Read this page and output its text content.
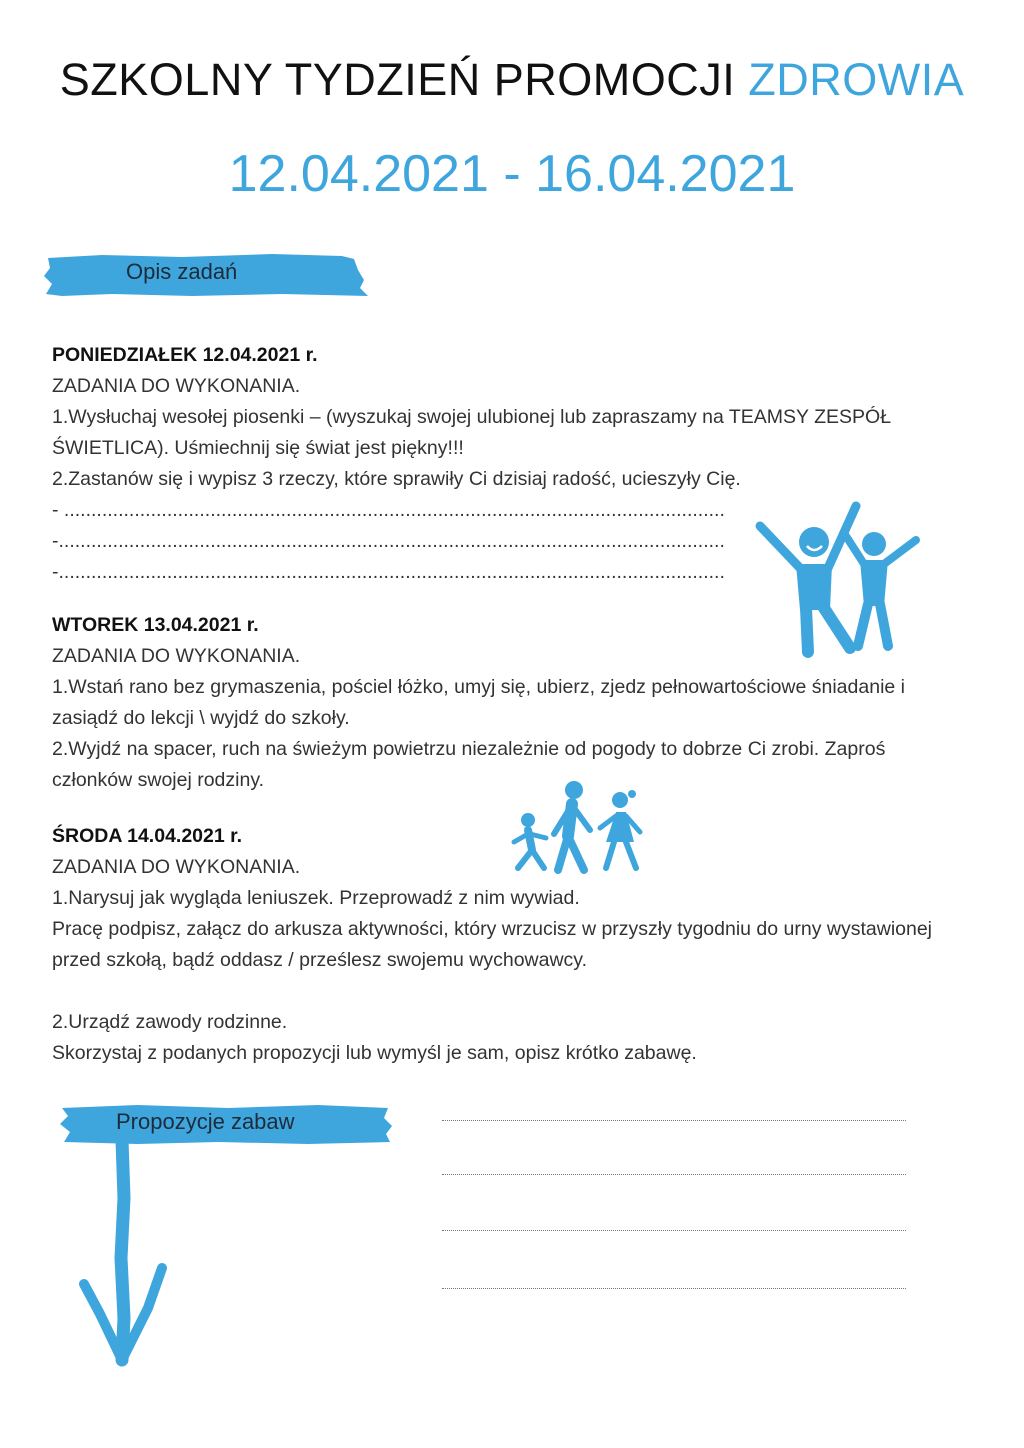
SZKOLNY TYDZIEŃ PROMOCJI ZDROWIA
12.04.2021 - 16.04.2021
Opis zadań
PONIEDZIAŁEK 12.04.2021 r.

ZADANIA DO WYKONANIA.

1.Wysłuchaj wesołej piosenki – (wyszukaj swojej ulubionej lub zapraszamy na TEAMSY ZESPÓŁ ŚWIETLICA). Uśmiechnij się świat jest piękny!!!

2.Zastanów się i wypisz 3 rzeczy, które sprawiły Ci dzisiaj radość, ucieszyły Cię.

- ..........................................................................................................................

-...........................................................................................................................

-...........................................................................................................................

WTOREK 13.04.2021 r.

ZADANIA DO WYKONANIA.

1.Wstań rano bez grymaszenia, pościel łóżko, umyj się, ubierz, zjedz pełnowartościowe śniadanie i zasiądź do lekcji \ wyjdź do szkoły.

2.Wyjdź na spacer, ruch na świeżym powietrzu niezależnie od pogody to dobrze Ci zrobi. Zaproś członków swojej rodziny.

ŚRODA 14.04.2021 r.

ZADANIA DO WYKONANIA.

1.Narysuj jak wygląda leniuszek. Przeprowadź z nim wywiad.

Pracę podpisz, załącz do arkusza aktywności, który wrzucisz w przyszły tygodniu do urny wystawionej przed szkołą, bądź oddasz / prześlesz swojemu wychowawcy.

2.Urządź zawody rodzinne.

Skorzystaj z podanych propozycji lub wymyśl je sam, opisz krótko zabawę.

Propozycje zabaw
